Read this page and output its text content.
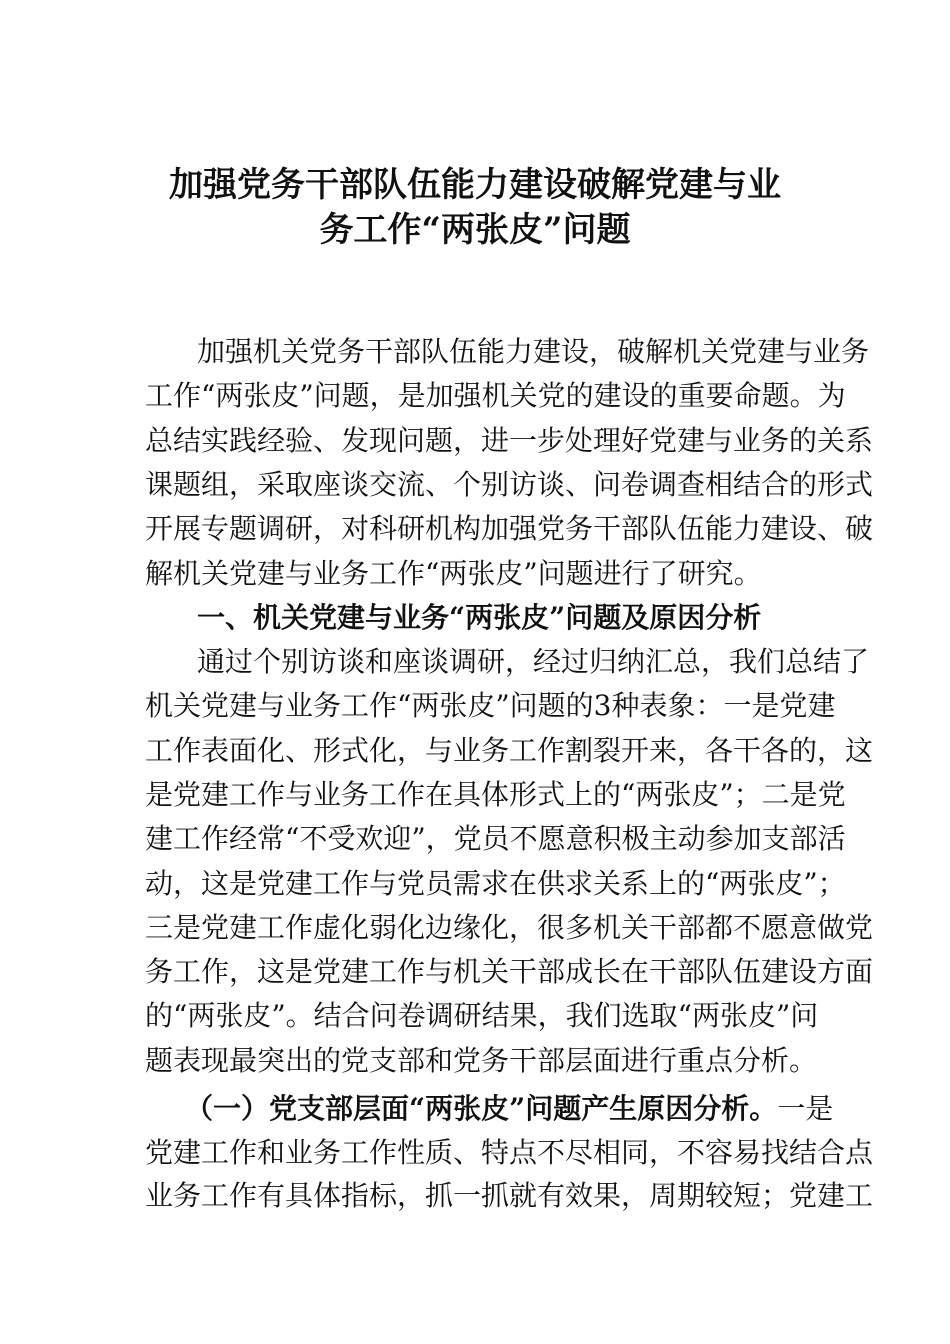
加强党务干部队伍能力建设破解党建与业
务工作“两张皮”问题
加强机关党务干部队伍能力建设，破解机关党建与业务
工作“两张皮”问题，是加强机关党的建设的重要命题。为
总结实践经验、发现问题，进一步处理好党建与业务的关系
课题组，采取座谈交流、个别访谈、问卷调查相结合的形式
开展专题调研，对科研机构加强党务干部队伍能力建设、破
解机关党建与业务工作“两张皮”问题进行了研究。
一、机关党建与业务“两张皮”问题及原因分析
通过个别访谈和座谈调研，经过归纳汇总，我们总结了
机关党建与业务工作“两张皮”问题的3种表象：一是党建
工作表面化、形式化，与业务工作割裂开来，各干各的，这
是党建工作与业务工作在具体形式上的“两张皮”；二是党
建工作经常“不受欢迎”，党员不愿意积极主动参加支部活
动，这是党建工作与党员需求在供求关系上的“两张皮”；
三是党建工作虚化弱化边缘化，很多机关干部都不愿意做党
务工作，这是党建工作与机关干部成长在干部队伍建设方面
的“两张皮”。结合问卷调研结果，我们选取“两张皮”问
题表现最突出的党支部和党务干部层面进行重点分析。
（一）党支部层面“两张皮”问题产生原因分析。一是
党建工作和业务工作性质、特点不尽相同，不容易找结合点
业务工作有具体指标，抓一抓就有效果，周期较短；党建工
